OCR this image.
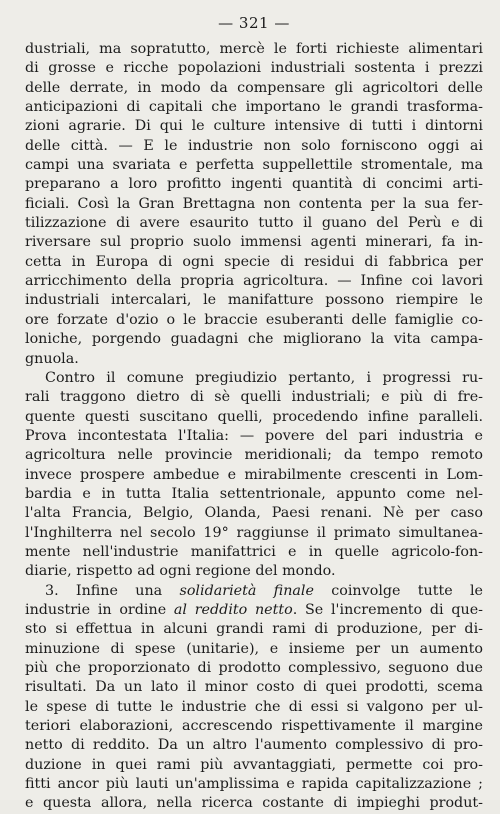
— 321 —
dustriali, ma sopratutto, mercè le forti richieste alimentari
di grosse e ricche popolazioni industriali sostenta i prezzi
delle derrate, in modo da compensare gli agricoltori delle
anticipazioni di capitali che importano le grandi trasforma-
zioni agrarie. Di qui le culture intensive di tutti i dintorni
delle città. — E le industrie non solo forniscono oggi ai
campi una svariata e perfetta suppellettile stromentale, ma
preparano a loro profitto ingenti quantità di concimi arti-
ficiali. Così la Gran Brettagna non contenta per la sua fer-
tilizzazione di avere esaurito tutto il guano del Perù e di
riversare sul proprio suolo immensi agenti minerari, fa in-
cetta in Europa di ogni specie di residui di fabbrica per
arricchimento della propria agricoltura. — Infine coi lavori
industriali intercalari, le manifatture possono riempire le
ore forzate d'ozio o le braccie esuberanti delle famiglie co-
loniche, porgendo guadagni che migliorano la vita campa-
gnuola.
Contro il comune pregiudizio pertanto, i progressi ru-
rali traggono dietro di sè quelli industriali; e più di fre-
quente questi suscitano quelli, procedendo infine paralleli.
Prova incontestata l'Italia: — povere del pari industria e
agricoltura nelle provincie meridionali; da tempo remoto
invece prospere ambedue e mirabilmente crescenti in Lom-
bardia e in tutta Italia settentrionale, appunto come nel-
l'alta Francia, Belgio, Olanda, Paesi renani. Nè per caso
l'Inghilterra nel secolo 19° raggiunse il primato simultanea-
mente nell'industrie manifattrici e in quelle agricolo-fon-
diarie, rispetto ad ogni regione del mondo.
3. Infine una solidarietà finale coinvolge tutte le
industrie in ordine al reddito netto. Se l'incremento di que-
sto si effettua in alcuni grandi rami di produzione, per di-
minuzione di spese (unitarie), e insieme per un aumento
più che proporzionato di prodotto complessivo, seguono due
risultati. Da un lato il minor costo di quei prodotti, scema
le spese di tutte le industrie che di essi si valgono per ul-
teriori elaborazioni, accrescendo rispettivamente il margine
netto di reddito. Da un altro l'aumento complessivo di pro-
duzione in quei rami più avvantaggiati, permette coi pro-
fitti ancor più lauti un'amplissima e rapida capitalizzazione ;
e questa allora, nella ricerca costante di impieghi produt-
